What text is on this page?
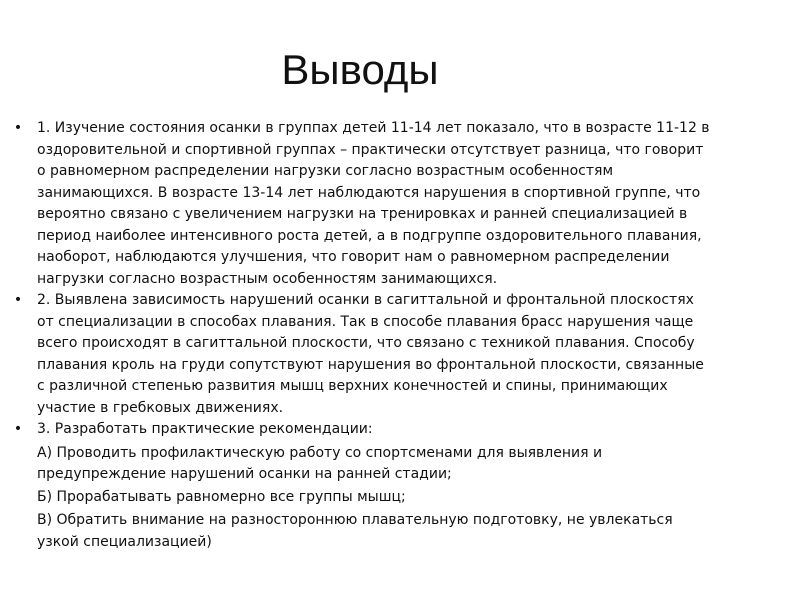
Выводы
• 1. Изучение состояния осанки в группах детей 11-14 лет показало, что в возрасте 11-12 в оздоровительной и спортивной группах – практически отсутствует разница, что говорит о равномерном распределении нагрузки согласно возрастным особенностям занимающихся. В возрасте 13-14 лет наблюдаются нарушения в спортивной группе, что вероятно связано с увеличением нагрузки на тренировках и ранней специализацией в период наиболее интенсивного роста детей, а в подгруппе оздоровительного плавания, наоборот, наблюдаются улучшения, что говорит нам о равномерном распределении нагрузки согласно возрастным особенностям занимающихся.
• 2. Выявлена зависимость нарушений осанки в сагиттальной и фронтальной плоскостях от специализации в способах плавания. Так в способе плавания брасс нарушения чаще всего происходят в сагиттальной плоскости, что связано с техникой плавания. Способу плавания кроль на груди сопутствуют нарушения во фронтальной плоскости, связанные с различной степенью развития мышц верхних конечностей и спины, принимающих участие в гребковых движениях.
• 3. Разработать практические рекомендации:
А) Проводить профилактическую работу со спортсменами для выявления и предупреждение нарушений осанки на ранней стадии;
Б) Прорабатывать равномерно все группы мышц;
В) Обратить внимание на разностороннюю плавательную подготовку, не увлекаться узкой специализацией)
